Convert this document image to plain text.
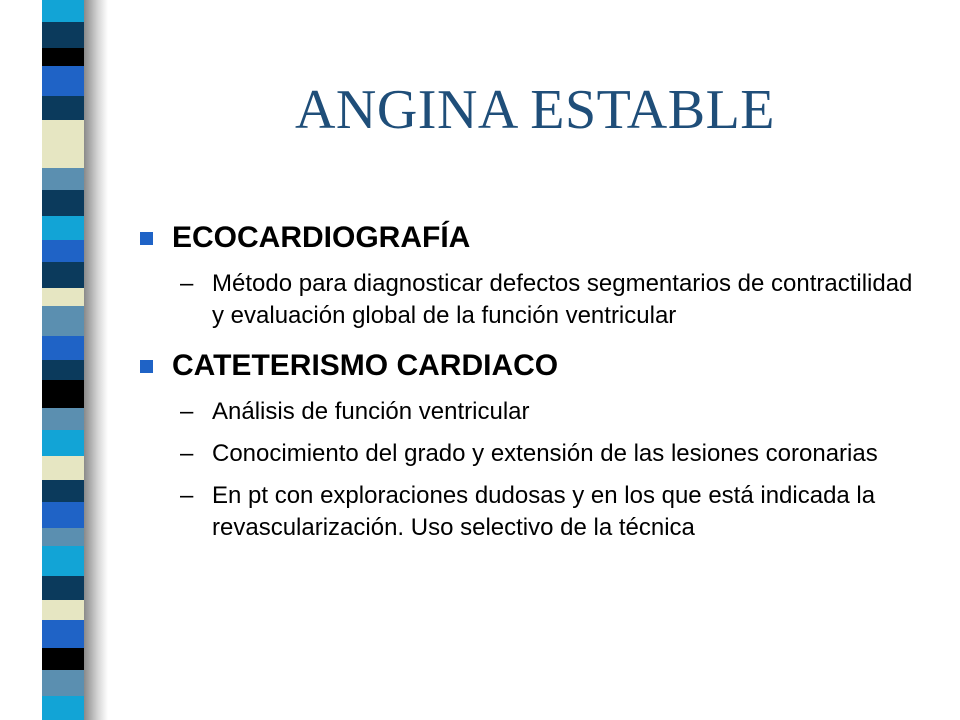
ANGINA ESTABLE
ECOCARDIOGRAFÍA
– Método para diagnosticar defectos segmentarios de contractilidad y evaluación global de la función ventricular
CATETERISMO CARDIACO
– Análisis de función ventricular
– Conocimiento del grado y extensión de las lesiones coronarias
– En pt con exploraciones dudosas y en los que está indicada la revascularización. Uso selectivo de la técnica
